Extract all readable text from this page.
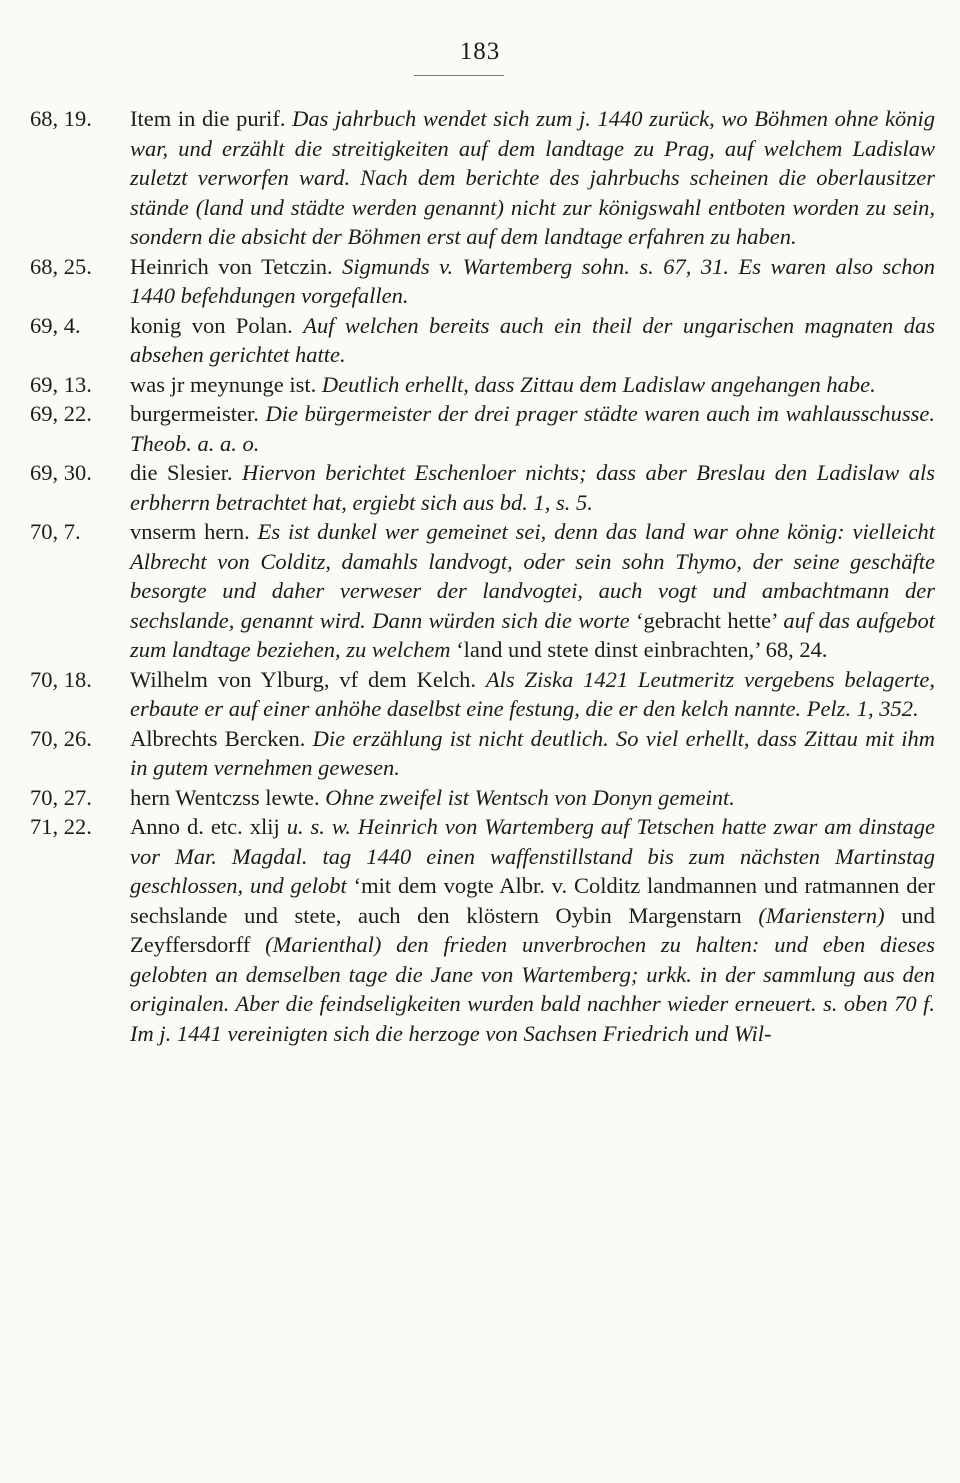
183
68, 19.	Item in die purif. Das jahrbuch wendet sich zum j. 1440 zurück, wo Böhmen ohne könig war, und erzählt die streitigkeiten auf dem landtage zu Prag, auf welchem Ladislaw zuletzt verworfen ward. Nach dem berichte des jahrbuchs scheinen die oberlausitzer stände (land und städte werden genannt) nicht zur königswahl entboten worden zu sein, sondern die absicht der Böhmen erst auf dem landtage erfahren zu haben.
68, 25.	Heinrich von Tetczin. Sigmunds v. Wartemberg sohn. s. 67, 31. Es waren also schon 1440 befehdungen vorgefallen.
69, 4.	konig von Polan. Auf welchen bereits auch ein theil der ungarischen magnaten das absehen gerichtet hatte.
69, 13.	was jr meynunge ist. Deutlich erhellt, dass Zittau dem Ladislaw angehangen habe.
69, 22.	burgermeister. Die bürgermeister der drei prager städte waren auch im wahlausschusse. Theob. a. a. o.
69, 30.	die Slesier. Hiervon berichtet Eschenloer nichts; dass aber Breslau den Ladislaw als erbherrn betrachtet hat, ergiebt sich aus bd. 1, s. 5.
70, 7.	vnserm hern. Es ist dunkel wer gemeinet sei, denn das land war ohne könig: vielleicht Albrecht von Colditz, damahls landvogt, oder sein sohn Thymo, der seine geschäfte besorgte und daher verweser der landvogtei, auch vogt und ambachtmann der sechslande, genannt wird. Dann würden sich die worte ‘gebracht hette’ auf das aufgebot zum landtage beziehen, zu welchem ‘land und stete dinst einbrachten,’ 68, 24.
70, 18.	Wilhelm von Ylburg, vf dem Kelch. Als Ziska 1421 Leutmeritz vergebens belagerte, erbaute er auf einer anhöhe daselbst eine festung, die er den kelch nannte. Pelz. 1, 352.
70, 26.	Albrechts Bercken. Die erzählung ist nicht deutlich. So viel erhellt, dass Zittau mit ihm in gutem vernehmen gewesen.
70, 27.	hern Wentczss lewte. Ohne zweifel ist Wentsch von Donyn gemeint.
71, 22.	Anno d. etc. xlij u. s. w. Heinrich von Wartemberg auf Tetschen hatte zwar am dinstage vor Mar. Magdal. tag 1440 einen waffenstillstand bis zum nächsten Martinstag geschlossen, und gelobt ‘mit dem vogte Albr. v. Colditz landmannen und ratmannen der sechslande und stete, auch den klöstern Oybin Margenstarn (Marienstern) und Zeyffersdorff (Marienthal) den frieden unverbrochen zu halten: und eben dieses gelobten an demselben tage die Jane von Wartemberg; urkk. in der sammlung aus den originalen. Aber die feindseligkeiten wurden bald nachher wieder erneuert. s. oben 70 f. Im j. 1441 vereinigten sich die herzoge von Sachsen Friedrich und Wil-
